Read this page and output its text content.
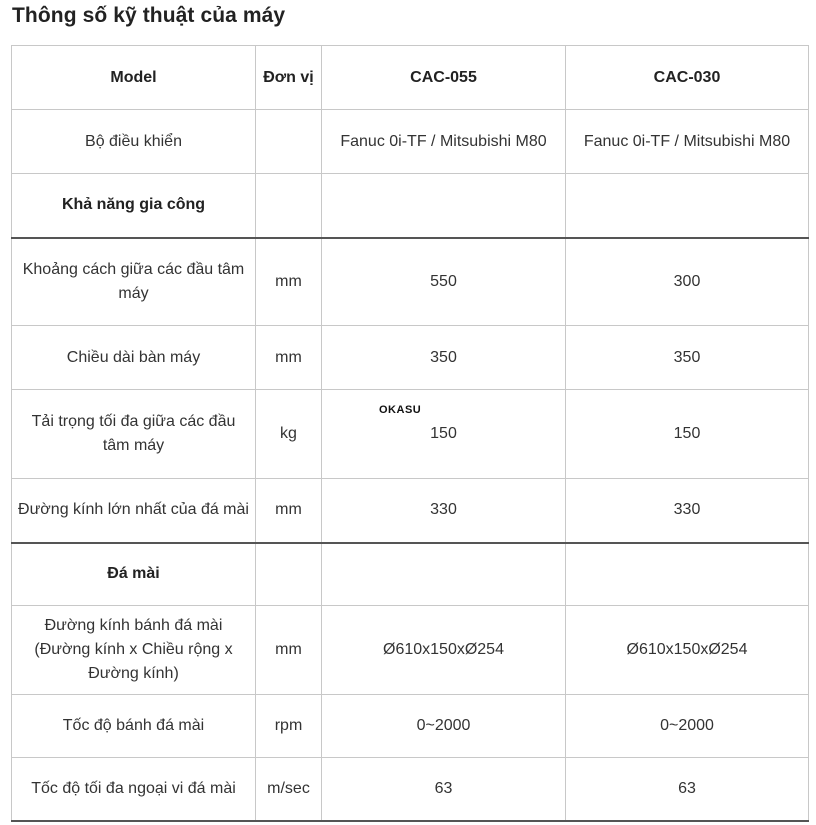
Thông số kỹ thuật của máy
Model	Đơn vị	CAC-055	CAC-030
Bộ điều khiển		Fanuc 0i-TF / Mitsubishi M80	Fanuc 0i-TF / Mitsubishi M80
Khả năng gia công			
Khoảng cách giữa các đầu tâm máy	mm	550	300
Chiều dài bàn máy	mm	350	350
Tải trọng tối đa giữa các đầu tâm máy	kg	150	150
Đường kính lớn nhất của đá mài	mm	330	330
Đá mài			
Đường kính bánh đá mài (Đường kính x Chiều rộng x Đường kính)	mm	Ø610x150xØ254	Ø610x150xØ254
Tốc độ bánh đá mài	rpm	0~2000	0~2000
Tốc độ tối đa ngoại vi đá mài	m/sec	63	63
OKASU
